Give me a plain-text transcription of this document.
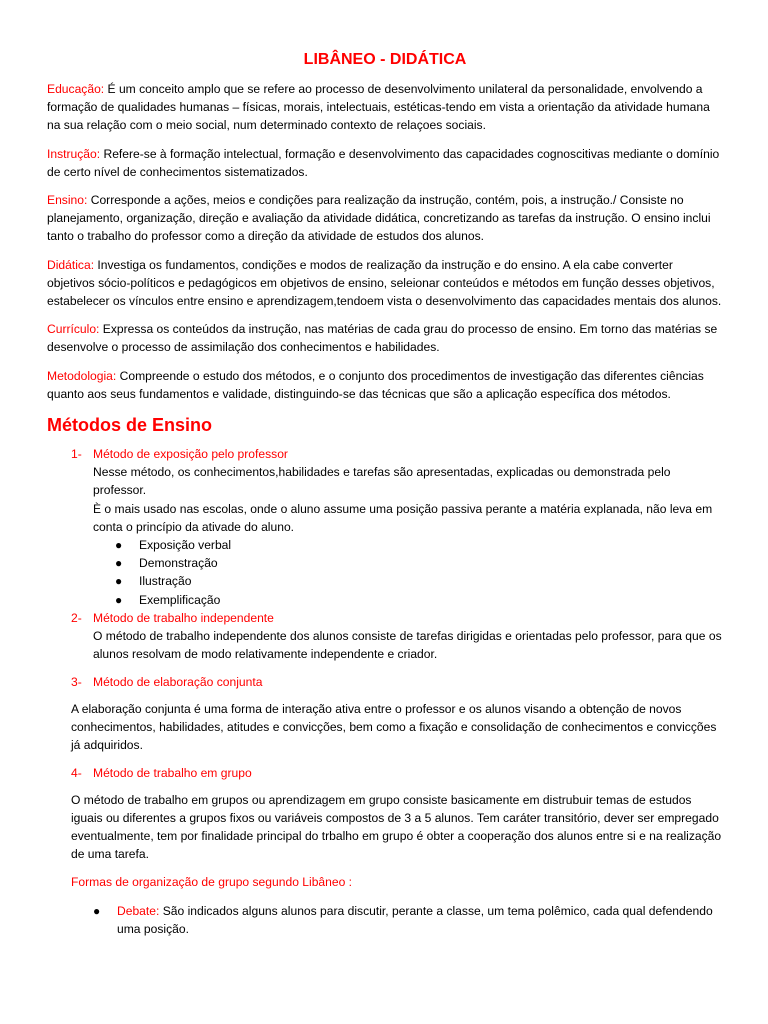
LIBÂNEO - DIDÁTICA

Educação: É um conceito amplo que se refere ao processo de desenvolvimento unilateral da personalidade, envolvendo a formação de qualidades humanas – físicas, morais, intelectuais, estéticas-tendo em vista a orientação da atividade humana na sua relação com o meio social, num determinado contexto de relaçoes sociais.

Instrução: Refere-se à formação intelectual, formação e desenvolvimento das capacidades cognoscitivas mediante o domínio de certo nível de conhecimentos sistematizados.

Ensino: Corresponde a ações, meios e condições para realização da instrução, contém, pois, a instrução./ Consiste no planejamento, organização, direção e avaliação da atividade didática, concretizando as tarefas da instrução. O ensino inclui tanto o trabalho do professor como a direção da atividade de estudos dos alunos.

Didática: Investiga os fundamentos, condições e modos de realização da instrução e do ensino. A ela cabe converter objetivos sócio-políticos e pedagógicos em objetivos de ensino, seleionar conteúdos e métodos em função desses objetivos, estabelecer os vínculos entre ensino e aprendizagem,tendoem vista o desenvolvimento das capacidades mentais dos alunos.

Currículo: Expressa os conteúdos da instrução, nas matérias de cada grau do processo de ensino. Em torno das matérias se desenvolve o processo de assimilação dos conhecimentos e habilidades.

Metodologia: Compreende o estudo dos métodos, e o conjunto dos procedimentos de investigação das diferentes ciências quanto aos seus fundamentos e validade, distinguindo-se das técnicas que são a aplicação específica dos métodos.

Métodos de Ensino
1- Método de exposição pelo professor
Nesse método, os conhecimentos,habilidades e tarefas são apresentadas, explicadas ou demonstrada pelo professor.
È o mais usado nas escolas, onde o aluno assume uma posição passiva perante a matéria explanada, não leva em conta o princípio da ativade do aluno.
● Exposição verbal
● Demonstração
● Ilustração
● Exemplificação
2- Método de trabalho independente
O método de trabalho independente dos alunos consiste de tarefas dirigidas e orientadas pelo professor, para que os alunos resolvam de modo relativamente independente e criador.
3- Método de elaboração conjunta
A elaboração conjunta é uma forma de interação ativa entre o professor e os alunos visando a obtenção de novos conhecimentos, habilidades, atitudes e convicções, bem como a fixação e consolidação de conhecimentos e convicções já adquiridos.
4- Método de trabalho em grupo
O método de trabalho em grupos ou aprendizagem em grupo consiste basicamente em distrubuir temas de estudos iguais ou diferentes a grupos fixos ou variáveis compostos de 3 a 5 alunos. Tem caráter transitório, dever ser empregado eventualmente, tem por finalidade principal do trbalho em grupo é obter a cooperação dos alunos entre si e na realização de uma tarefa.
Formas de organização de grupo segundo Libâneo :
● Debate: São indicados alguns alunos para discutir, perante a classe, um tema polêmico, cada qual defendendo uma posição.
